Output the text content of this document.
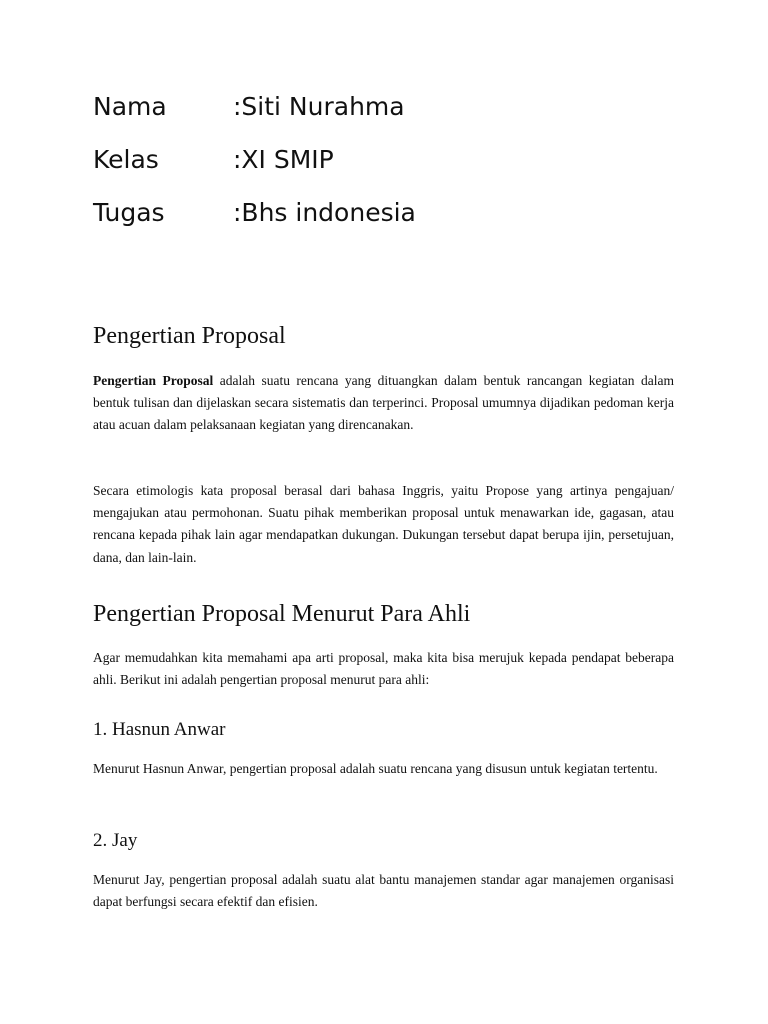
Nama	:Siti Nurahma
Kelas	:XI SMIP
Tugas	:Bhs indonesia
Pengertian Proposal
Pengertian Proposal adalah suatu rencana yang dituangkan dalam bentuk rancangan kegiatan dalam bentuk tulisan dan dijelaskan secara sistematis dan terperinci. Proposal umumnya dijadikan pedoman kerja atau acuan dalam pelaksanaan kegiatan yang direncanakan.
Secara etimologis kata proposal berasal dari bahasa Inggris, yaitu Propose yang artinya pengajuan/ mengajukan atau permohonan. Suatu pihak memberikan proposal untuk menawarkan ide, gagasan, atau rencana kepada pihak lain agar mendapatkan dukungan. Dukungan tersebut dapat berupa ijin, persetujuan, dana, dan lain-lain.
Pengertian Proposal Menurut Para Ahli
Agar memudahkan kita memahami apa arti proposal, maka kita bisa merujuk kepada pendapat beberapa ahli. Berikut ini adalah pengertian proposal menurut para ahli:
1. Hasnun Anwar
Menurut Hasnun Anwar, pengertian proposal adalah suatu rencana yang disusun untuk kegiatan tertentu.
2. Jay
Menurut Jay, pengertian proposal adalah suatu alat bantu manajemen standar agar manajemen organisasi dapat berfungsi secara efektif dan efisien.
